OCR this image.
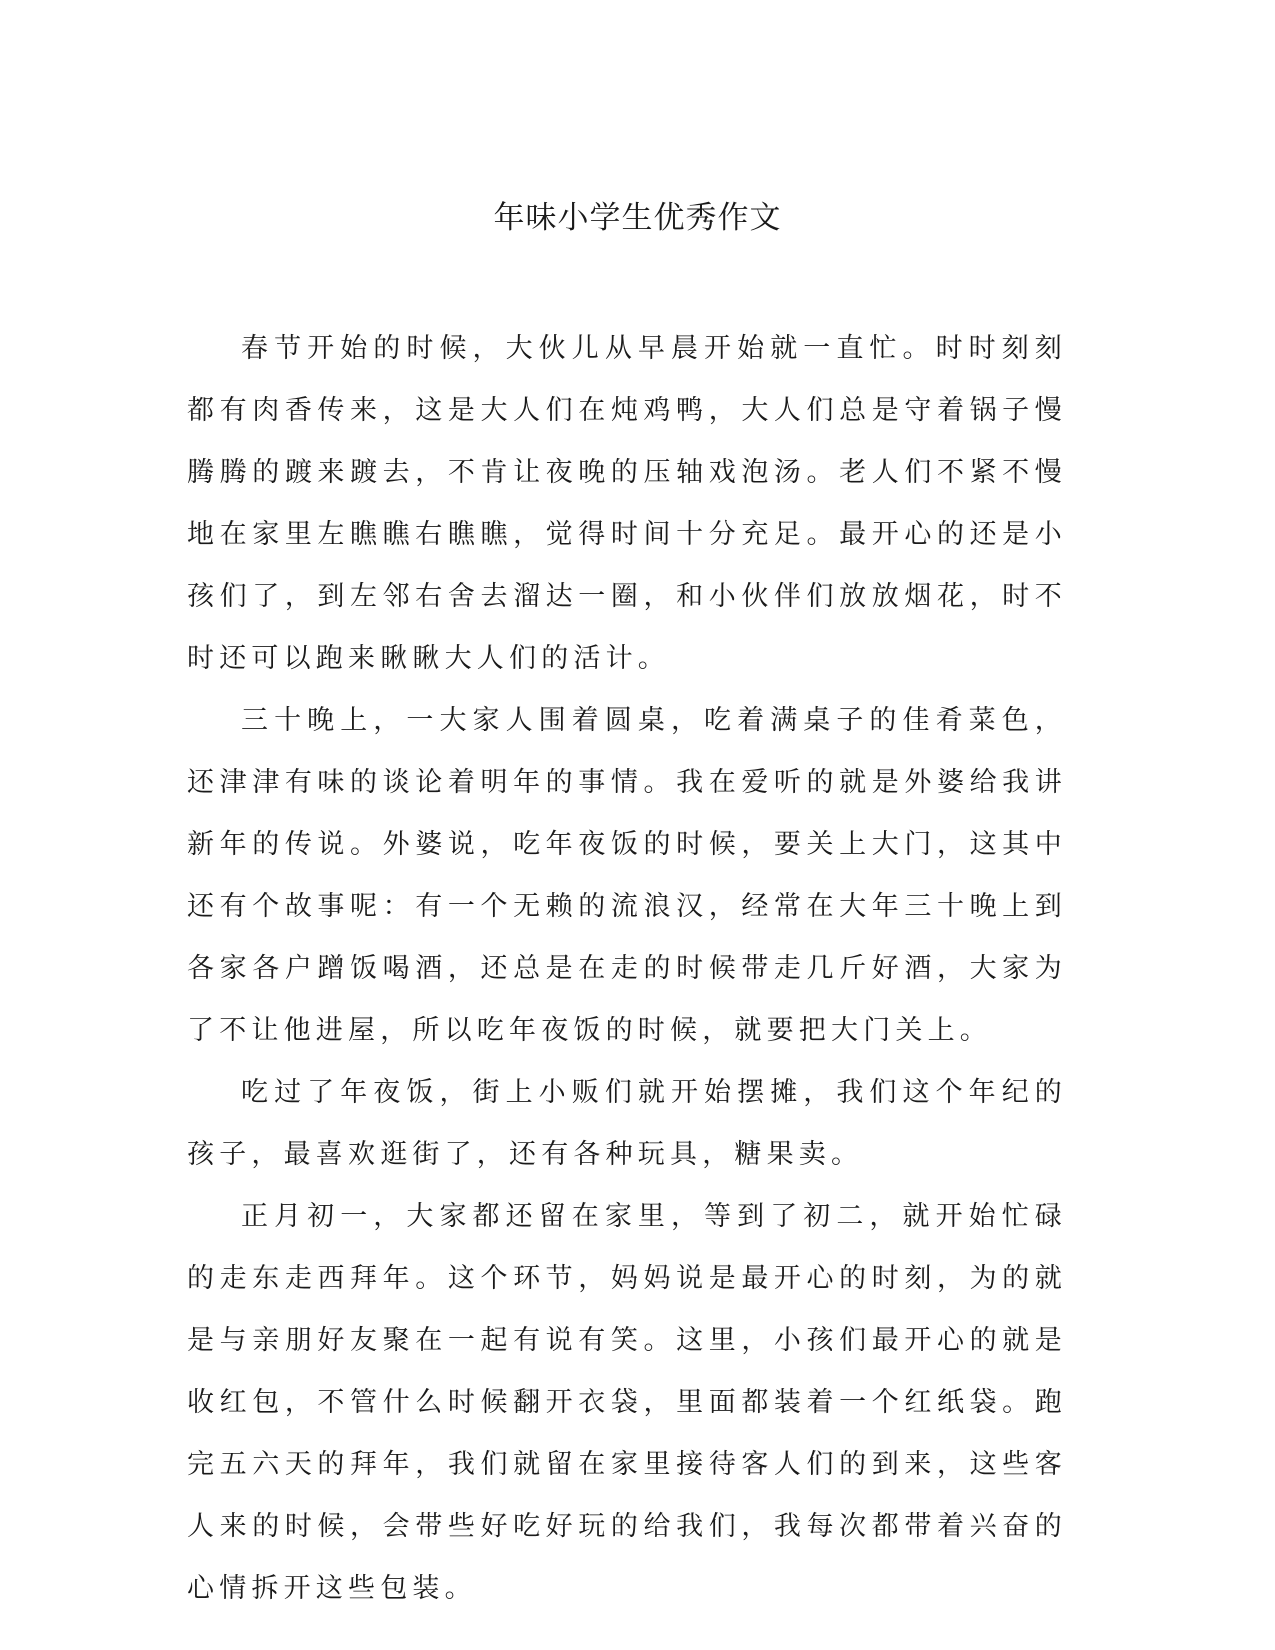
年味小学生优秀作文

春节开始的时候，大伙儿从早晨开始就一直忙。时时刻刻都有肉香传来，这是大人们在炖鸡鸭，大人们总是守着锅子慢腾腾的踱来踱去，不肯让夜晚的压轴戏泡汤。老人们不紧不慢地在家里左瞧瞧右瞧瞧，觉得时间十分充足。最开心的还是小孩们了，到左邻右舍去溜达一圈，和小伙伴们放放烟花，时不时还可以跑来瞅瞅大人们的活计。

三十晚上，一大家人围着圆桌，吃着满桌子的佳肴菜色，还津津有味的谈论着明年的事情。我在爱听的就是外婆给我讲新年的传说。外婆说，吃年夜饭的时候，要关上大门，这其中还有个故事呢：有一个无赖的流浪汉，经常在大年三十晚上到各家各户蹭饭喝酒，还总是在走的时候带走几斤好酒，大家为了不让他进屋，所以吃年夜饭的时候，就要把大门关上。

吃过了年夜饭，街上小贩们就开始摆摊，我们这个年纪的孩子，最喜欢逛街了，还有各种玩具，糖果卖。

正月初一，大家都还留在家里，等到了初二，就开始忙碌的走东走西拜年。这个环节，妈妈说是最开心的时刻，为的就是与亲朋好友聚在一起有说有笑。这里，小孩们最开心的就是收红包，不管什么时候翻开衣袋，里面都装着一个红纸袋。跑完五六天的拜年，我们就留在家里接待客人们的到来，这些客人来的时候，会带些好吃好玩的给我们，我每次都带着兴奋的心情拆开这些包装。
